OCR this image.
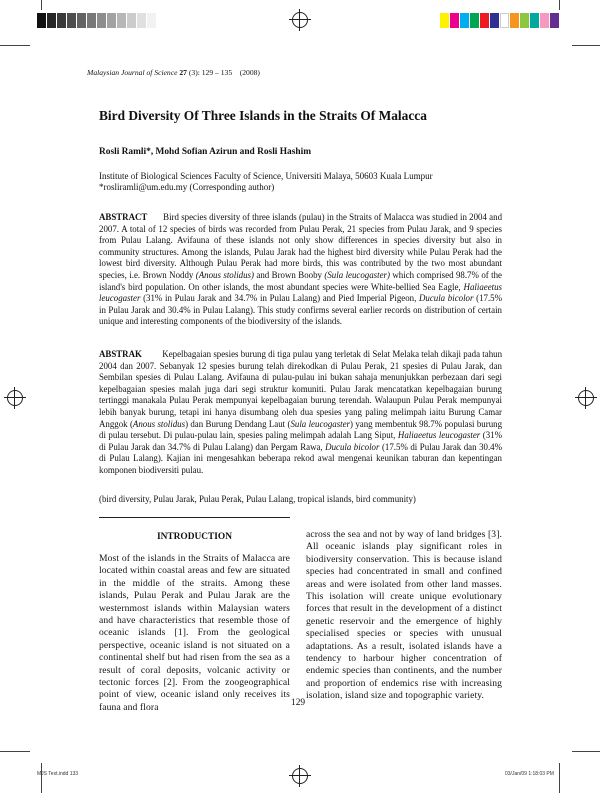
Malaysian Journal of Science 27 (3): 129 – 135 (2008)
Bird Diversity Of Three Islands in the Straits Of Malacca
Rosli Ramli*, Mohd Sofian Azirun and Rosli Hashim
Institute of Biological Sciences Faculty of Science, Universiti Malaya, 50603 Kuala Lumpur
*rosliramli@um.edu.my (Corresponding author)

ABSTRACT Bird species diversity of three islands (pulau) in the Straits of Malacca was studied in 2004 and 2007. A total of 12 species of birds was recorded from Pulau Perak, 21 species from Pulau Jarak, and 9 species from Pulau Lalang. Avifauna of these islands not only show differences in species diversity but also in community structures. Among the islands, Pulau Jarak had the highest bird diversity while Pulau Perak had the lowest bird diversity. Although Pulau Perak had more birds, this was contributed by the two most abundant species, i.e. Brown Noddy (Anous stolidus) and Brown Booby (Sula leucogaster) which comprised 98.7% of the island's bird population. On other islands, the most abundant species were White-bellied Sea Eagle, Haliaeetus leucogaster (31% in Pulau Jarak and 34.7% in Pulau Lalang) and Pied Imperial Pigeon, Ducula bicolor (17.5% in Pulau Jarak and 30.4% in Pulau Lalang). This study confirms several earlier records on distribution of certain unique and interesting components of the biodiversity of the islands.

ABSTRAK Kepelbagaian spesies burung di tiga pulau yang terletak di Selat Melaka telah dikaji pada tahun 2004 dan 2007. Sebanyak 12 spesies burung telah direkodkan di Pulau Perak, 21 spesies di Pulau Jarak, dan Sembilan spesies di Pulau Lalang. Avifauna di pulau-pulau ini bukan sahaja menunjukkan perbezaan dari segi kepelbagaian spesies malah juga dari segi struktur komuniti. Pulau Jarak mencatatkan kepelbagaian burung tertinggi manakala Pulau Perak mempunyai kepelbagaian burung terendah. Walaupun Pulau Perak mempunyai lebih banyak burung, tetapi ini hanya disumbang oleh dua spesies yang paling melimpah iaitu Burung Camar Anggok (Anous stolidus) dan Burung Dendang Laut (Sula leucogaster) yang membentuk 98.7% populasi burung di pulau tersebut. Di pulau-pulau lain, spesies paling melimpah adalah Lang Siput, Haliaeetus leucogaster (31% di Pulau Jarak dan 34.7% di Pulau Lalang) dan Pergam Rawa, Ducula bicolor (17.5% di Pulau Jarak dan 30.4% di Pulau Lalang). Kajian ini mengesahkan beberapa rekod awal mengenai keunikan taburan dan kepentingan komponen biodiversiti pulau.

(bird diversity, Pulau Jarak, Pulau Perak, Pulau Lalang, tropical islands, bird community)
INTRODUCTION
Most of the islands in the Straits of Malacca are located within coastal areas and few are situated in the middle of the straits. Among these islands, Pulau Perak and Pulau Jarak are the westernmost islands within Malaysian waters and have characteristics that resemble those of oceanic islands [1]. From the geological perspective, oceanic island is not situated on a continental shelf but had risen from the sea as a result of coral deposits, volcanic activity or tectonic forces [2]. From the zoogeographical point of view, oceanic island only receives its fauna and flora
across the sea and not by way of land bridges [3]. All oceanic islands play significant roles in biodiversity conservation. This is because island species had concentrated in small and confined areas and were isolated from other land masses. This isolation will create unique evolutionary forces that result in the development of a distinct genetic reservoir and the emergence of highly specialised species or species with unusual adaptations. As a result, isolated islands have a tendency to harbour higher concentration of endemic species than continents, and the number and proportion of endemics rise with increasing isolation, island size and topographic variety.
129
MJS Text.indd 133	03/Jan/09 1:18:03 PM
